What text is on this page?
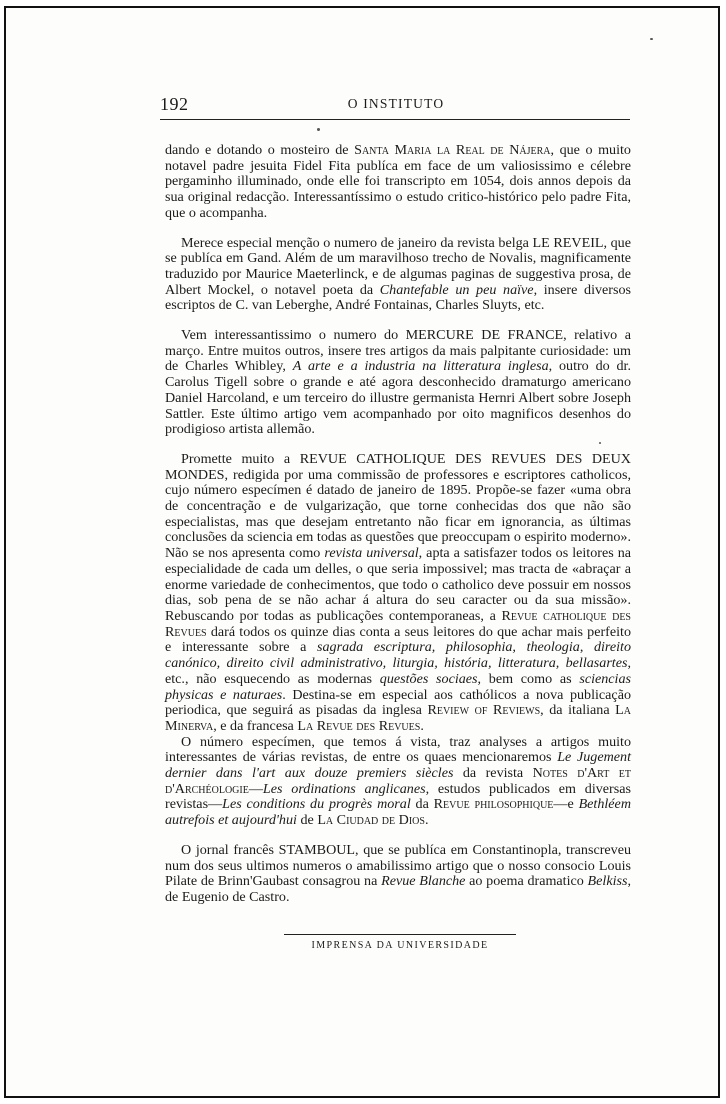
192	O INSTITUTO

dando e dotando o mosteiro de Santa Maria la Real de Nájera, que o muito notavel padre jesuita Fidel Fita publíca em face de um valiosissimo e célebre pergaminho illuminado, onde elle foi transcripto em 1054, dois annos depois da sua original redacção. Interessantíssimo o estudo critico-histórico pelo padre Fita, que o acompanha.

Merece especial menção o numero de janeiro da revista belga LE REVEIL, que se publíca em Gand. Além de um maravilhoso trecho de Novalis, magnificamente traduzido por Maurice Maeterlinck, e de algumas paginas de suggestiva prosa, de Albert Mockel, o notavel poeta da Chantefable un peu naïve, insere diversos escriptos de C. van Leberghe, André Fontainas, Charles Sluyts, etc.

Vem interessantissimo o numero do MERCURE DE FRANCE, relativo a março. Entre muitos outros, insere tres artigos da mais palpitante curiosidade: um de Charles Whibley, A arte e a industria na litteratura inglesa, outro do dr. Carolus Tigell sobre o grande e até agora desconhecido dramaturgo americano Daniel Harcoland, e um terceiro do illustre germanista Hernri Albert sobre Joseph Sattler. Este último artigo vem acompanhado por oito magnificos desenhos do prodigioso artista allemão.

Promette muito a REVUE CATHOLIQUE DES REVUES DES DEUX MONDES, redigida por uma commissão de professores e escriptores catholicos, cujo número especímen é datado de janeiro de 1895. Propõe-se fazer «uma obra de concentração e de vulgarização, que torne conhecidas dos que não são especialistas, mas que desejam entretanto não ficar em ignorancia, as últimas conclusões da sciencia em todas as questões que preoccupam o espirito moderno». Não se nos apresenta como revista universal, apta a satisfazer todos os leitores na especialidade de cada um delles, o que seria impossivel; mas tracta de «abraçar a enorme variedade de conhecimentos, que todo o catholico deve possuir em nossos dias, sob pena de se não achar á altura do seu caracter ou da sua missão». Rebuscando por todas as publicações contemporaneas, a Revue catholique des Revues dará todos os quinze dias conta a seus leitores do que achar mais perfeito e interessante sobre a sagrada escriptura, philosophia, theologia, direito canónico, direito civil administrativo, liturgia, história, litteratura, bellasartes, etc., não esquecendo as modernas questões sociaes, bem como as sciencias physicas e naturaes. Destina-se em especial aos cathólicos a nova publicação periodica, que seguirá as pisadas da inglesa Review of Reviews, da italiana La Minerva, e da francesa La Revue des Revues.

O número especímen, que temos á vista, traz analyses a artigos muito interessantes de várias revistas, de entre os quaes mencionaremos Le Jugement dernier dans l'art aux douze premiers siècles da revista Notes d'Art et d'Archéologie—Les ordinations anglicanes, estudos publicados em diversas revistas—Les conditions du progrès moral da Revue philosophique—e Bethléem autrefois et aujourd'hui de La Ciudad de Dios.

O jornal francês STAMBOUL, que se publíca em Constantinopla, transcreveu num dos seus ultimos numeros o amabilissimo artigo que o nosso consocio Louis Pilate de Brinn'Gaubast consagrou na Revue Blanche ao poema dramatico Belkiss, de Eugenio de Castro.

IMPRENSA DA UNIVERSIDADE
